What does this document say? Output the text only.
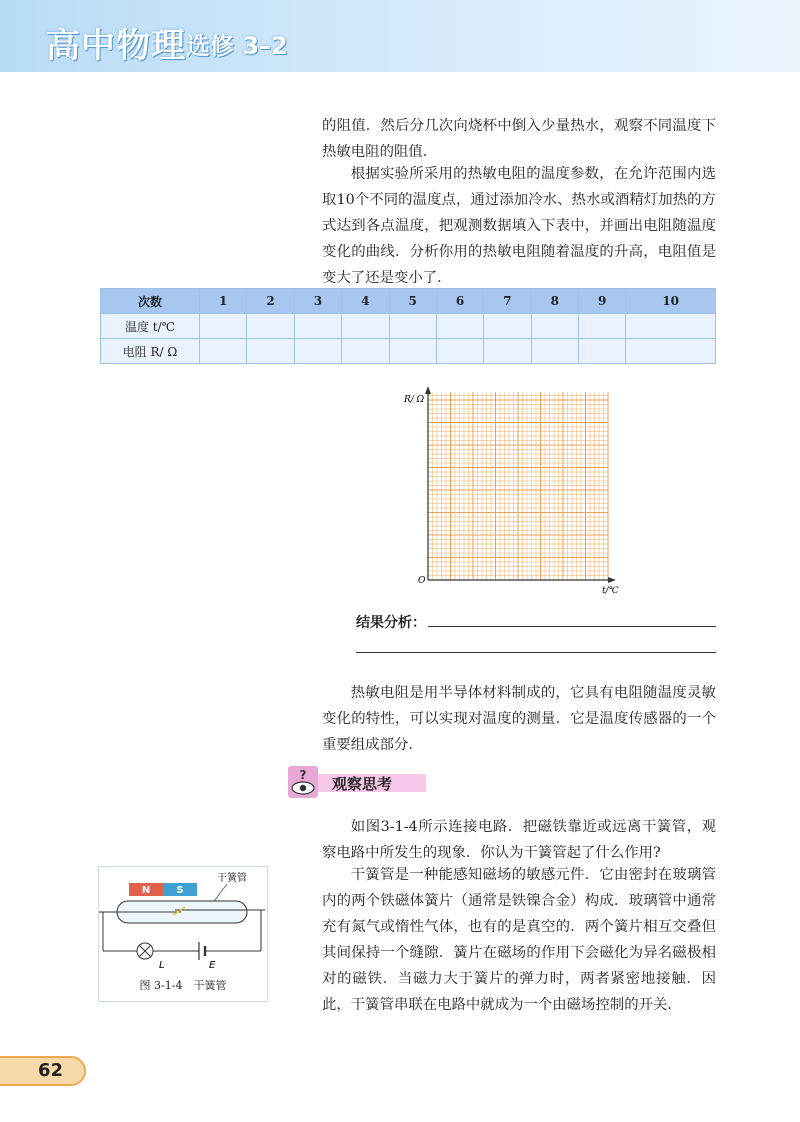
高中物理 选修 3–2

的阻值．然后分几次向烧杯中倒入少量热水，观察不同温度下热敏电阻的阻值．

根据实验所采用的热敏电阻的温度参数，在允许范围内选取10个不同的温度点，通过添加冷水、热水或酒精灯加热的方式达到各点温度，把观测数据填入下表中，并画出电阻随温度变化的曲线．分析你用的热敏电阻随着温度的升高，电阻值是变大了还是变小了．

次数	1	2	3	4	5	6	7	8	9	10
温度 t/℃										
电阻 R/ Ω										
R/ Ω
t/℃
O
结果分析：

热敏电阻是用半导体材料制成的，它具有电阻随温度灵敏变化的特性，可以实现对温度的测量．它是温度传感器的一个重要组成部分．

? 观察思考

如图3-1-4所示连接电路．把磁铁靠近或远离干簧管，观察电路中所发生的现象．你认为干簧管起了什么作用?

干簧管是一种能感知磁场的敏感元件．它由密封在玻璃管内的两个铁磁体簧片（通常是铁镍合金）构成．玻璃管中通常充有氮气或惰性气体，也有的是真空的．两个簧片相互交叠但其间保持一个缝隙．簧片在磁场的作用下会磁化为异名磁极相对的磁铁．当磁力大于簧片的弹力时，两者紧密地接触．因此，干簧管串联在电路中就成为一个由磁场控制的开关．

干簧管
N	S
L	E
图 3-1-4　干簧管
62
